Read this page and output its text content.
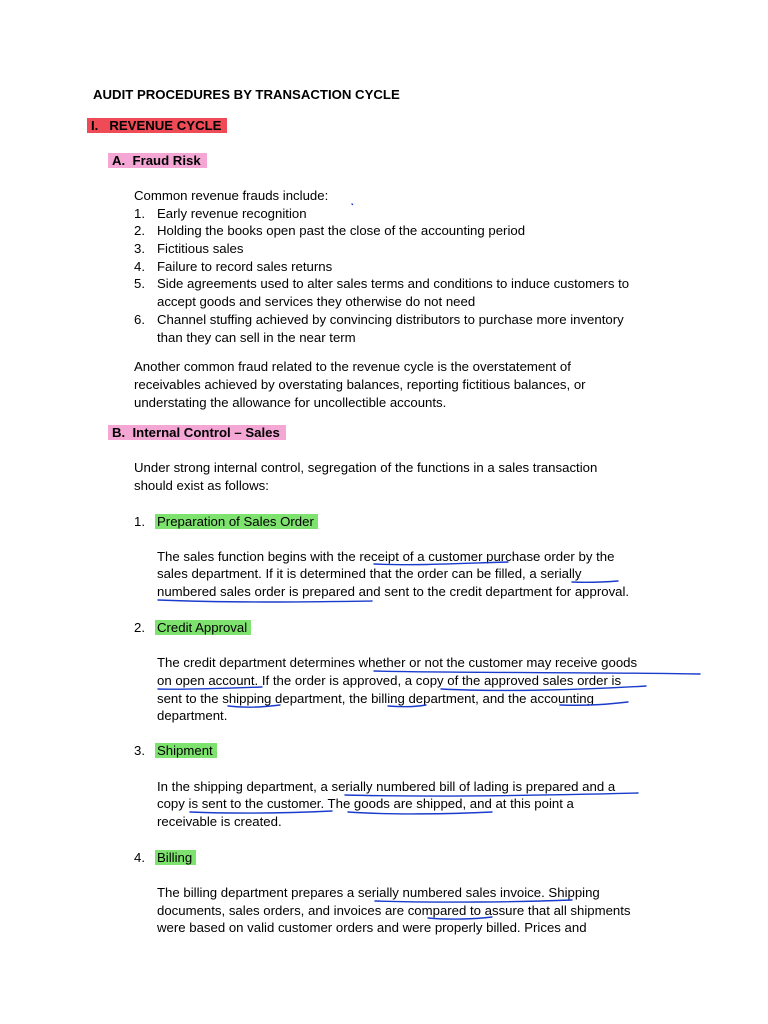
AUDIT PROCEDURES BY TRANSACTION CYCLE
I. REVENUE CYCLE
A. Fraud Risk
Common revenue frauds include:
1. Early revenue recognition
2. Holding the books open past the close of the accounting period
3. Fictitious sales
4. Failure to record sales returns
5. Side agreements used to alter sales terms and conditions to induce customers to
accept goods and services they otherwise do not need
6. Channel stuffing achieved by convincing distributors to purchase more inventory
than they can sell in the near term
Another common fraud related to the revenue cycle is the overstatement of
receivables achieved by overstating balances, reporting fictitious balances, or
understating the allowance for uncollectible accounts.
B. Internal Control – Sales
Under strong internal control, segregation of the functions in a sales transaction
should exist as follows:
1. Preparation of Sales Order
The sales function begins with the receipt of a customer purchase order by the
sales department. If it is determined that the order can be filled, a serially
numbered sales order is prepared and sent to the credit department for approval.
2. Credit Approval
The credit department determines whether or not the customer may receive goods
on open account. If the order is approved, a copy of the approved sales order is
sent to the shipping department, the billing department, and the accounting
department.
3. Shipment
In the shipping department, a serially numbered bill of lading is prepared and a
copy is sent to the customer. The goods are shipped, and at this point a
receivable is created.
4. Billing
The billing department prepares a serially numbered sales invoice. Shipping
documents, sales orders, and invoices are compared to assure that all shipments
were based on valid customer orders and were properly billed. Prices and
